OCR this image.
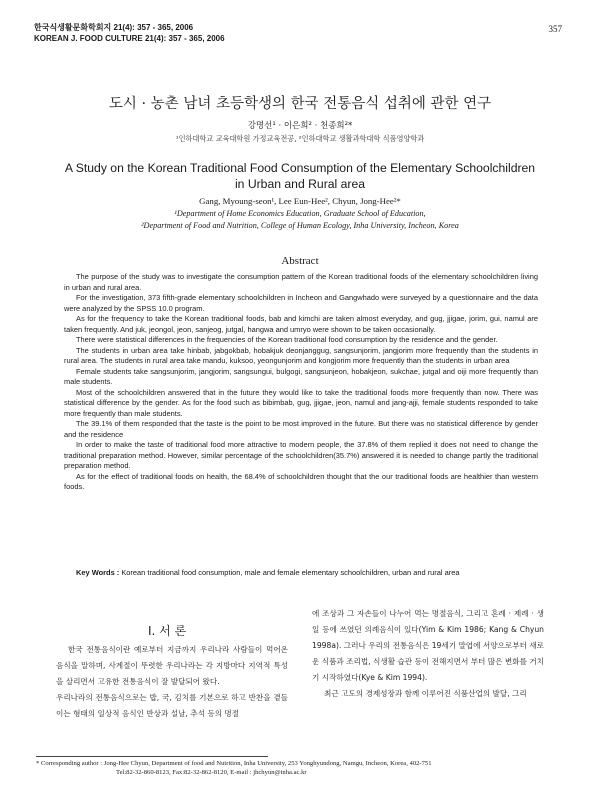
한국식생활문화학회지 21(4): 357 - 365, 2006
KOREAN J. FOOD CULTURE 21(4): 357 - 365, 2006
357
도시 · 농촌 남녀 초등학생의 한국 전통음식 섭취에 관한 연구
강명선¹ · 이은희² · 천종희²*
¹인하대학교 교육대학원 가정교육전공, ²인하대학교 생활과학대학 식품영양학과
A Study on the Korean Traditional Food Consumption of the Elementary Schoolchildren in Urban and Rural area
Gang, Myoung-seon¹, Lee Eun-Hee², Chyun, Jong-Hee²*
¹Department of Home Economics Education, Graduate School of Education,
²Department of Food and Nutrition, College of Human Ecology, Inha University, Incheon, Korea
Abstract

The purpose of the study was to investigate the consumption pattern of the Korean traditional foods of the elementary schoolchildren living in urban and rural area.

For the investigation, 373 fifth-grade elementary schoolchildren in Incheon and Gangwhado were surveyed by a questionnaire and the data were analyzed by the SPSS 10.0 program.

As for the frequency to take the Korean traditional foods, bab and kimchi are taken almost everyday, and gug, jjigae, jorim, gui, namul are taken frequently. And juk, jeongol, jeon, sanjeog, jutgal, hangwa and umryo were shown to be taken occasionally.

There were statistical differences in the frequencies of the Korean traditional food consumption by the residence and the gender.

The students in urban area take hinbab, jabgokbab, hobakjuk deonjanggug, sangsunjorim, jangjorim more frequently than the students in rural area. The students in rural area take mandu, kuksoo, yeongunjorim and kongjorim more frequently than the students in urban area

Female students take sangsunjorim, jangjorim, sangsungui, bulgogi, sangsunjeon, hobakjeon, sukchae, jutgal and oiji more frequently than male students.

Most of the schoolchildren answered that in the future they would like to take the traditional foods more frequently than now. There was statistical difference by the gender. As for the food such as bibimbab, gug, jjigae, jeon, namul and jang-ajji, female students responded to take more frequently than male students.

The 39.1% of them responded that the taste is the point to be most improved in the future. But there was no statistical difference by gender and the residence

In order to make the taste of traditional food more attractive to modern people, the 37.8% of them replied it does not need to change the traditional preparation method. However, similar percentage of the schoolchildren(35.7%) answered it is needed to change partly the traditional preparation method.

As for the effect of traditional foods on health, the 68.4% of schoolchildren thought that the our traditional foods are healthier than western foods.

Key Words : Korean traditional food consumption, male and female elementary schoolchildren, urban and rural area
I. 서 론

한국 전통음식이란 예로부터 지금까지 우리나라 사람들이 먹어온 음식을 말하며, 사계절이 뚜렷한 우리나라는 각 지방마다 지역적 특성을 살리면서 고유한 전통음식이 잘 발달되어 왔다.

우리나라의 전통음식으로는 밥, 국, 김치를 기본으로 하고 반찬을 곁들이는 형태의 일상적 음식인 반상과 설날, 추석 등의 명절

에 조상과 그 자손들이 나누어 먹는 명절음식, 그리고 혼례 · 제례 · 생일 등에 쓰였던 의례음식이 있다(Yim & Kim 1986; Kang & Chyun 1998a). 그러나 우리의 전통음식은 19세기 말엽에 서양으로부터 새로운 식품과 조리법, 식생활 습관 등이 전해지면서 부터 많은 변화를 거치기 시작하였다(Kye & Kim 1994).

최근 고도의 경제성장과 함께 이루어진 식품산업의 발달, 그리

* Corresponding author : Jong-Hee Chyun, Department of food and Nutrition, Inha University, 253 Yonghyundong, Namgu, Incheon, Korea, 402-751
Tel:82-32-860-8123, Fax:82-32-862-8120, E-mail : jhchyun@inha.ac.kr
